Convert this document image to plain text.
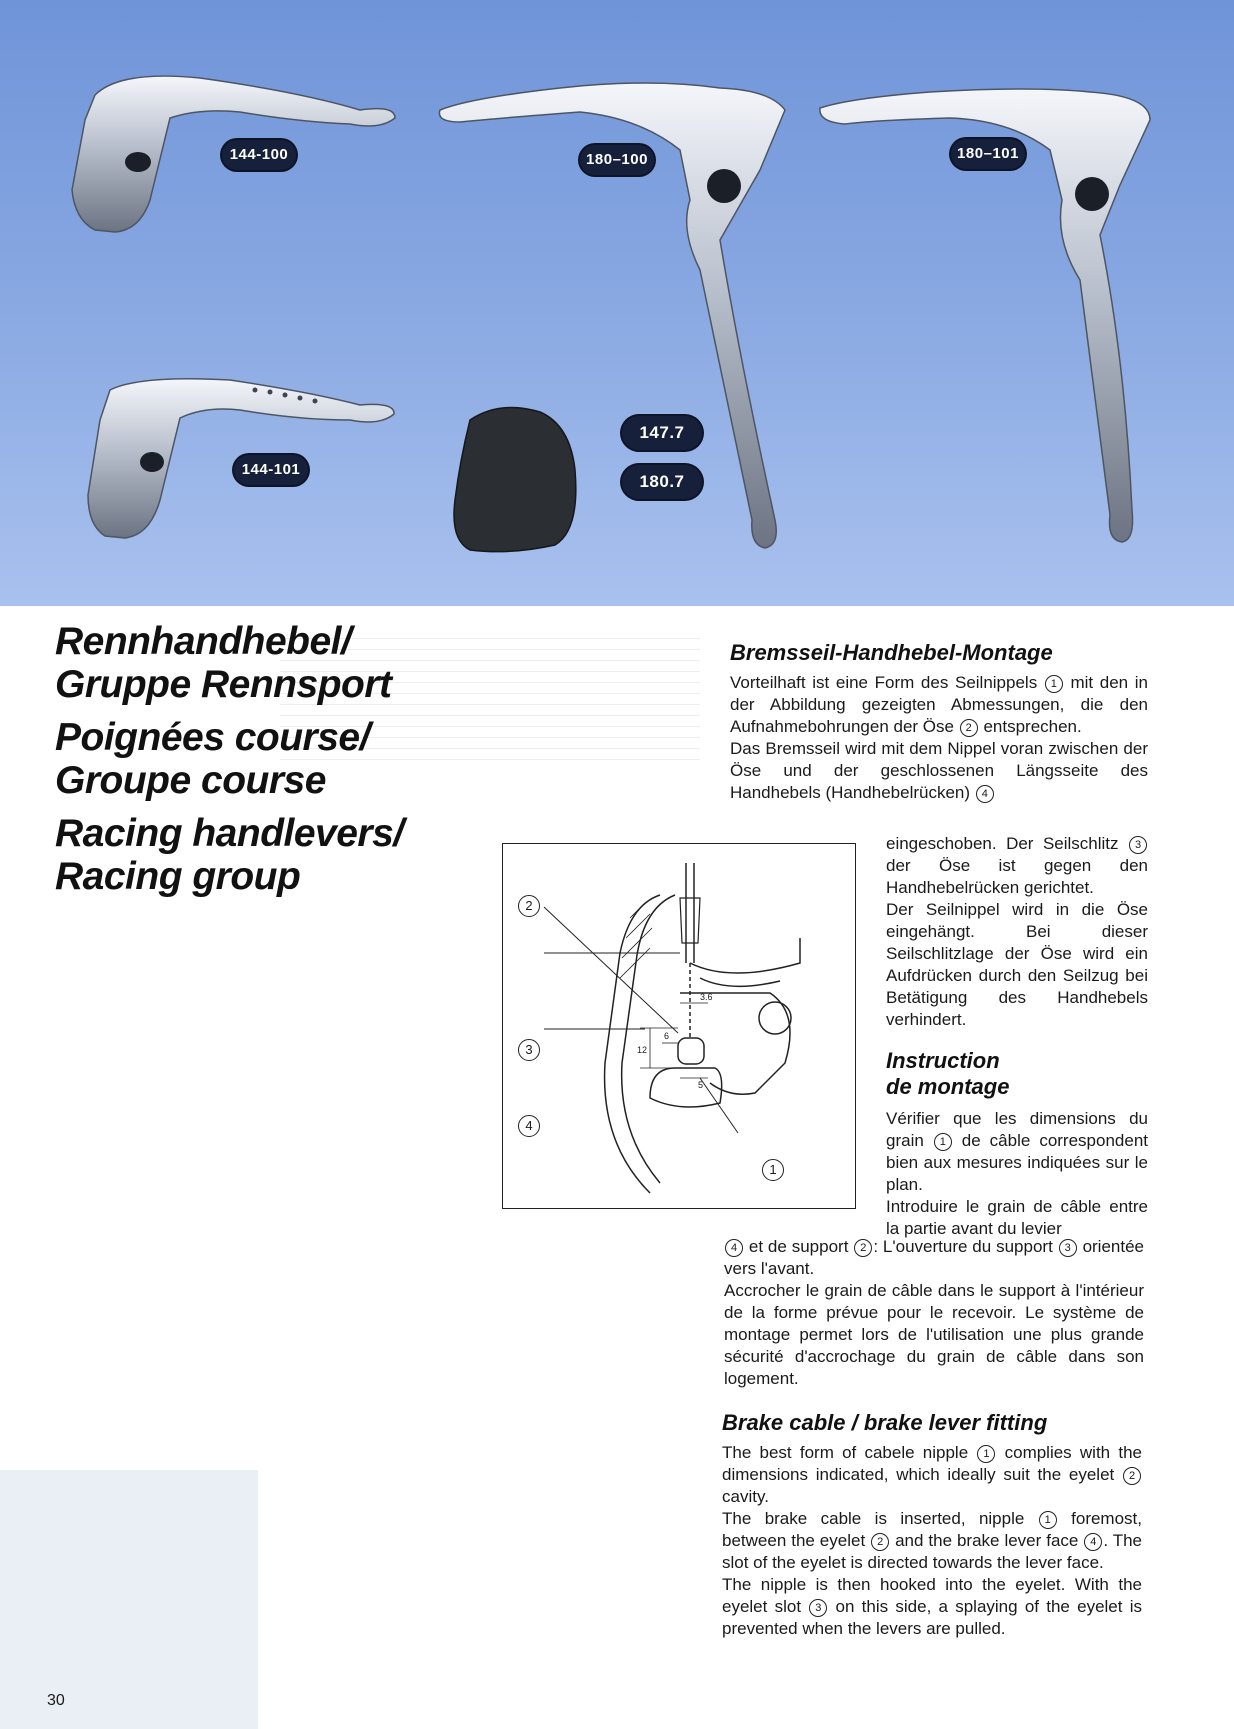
144-100	180–100	180–101
144-101
147.7
180.7

Rennhandhebel/

Gruppe Rennsport

Poignées course/

Groupe course

Racing handlevers/

Racing group

Bremsseil-Handhebel-Montage

Vorteilhaft ist eine Form des Seilnippels 1 mit den in der Abbildung gezeigten Abmessungen, die den Aufnahmebohrungen der Öse 2 entsprechen.

Das Bremsseil wird mit dem Nippel voran zwischen der Öse und der geschlossenen Längsseite des Handhebels (Handhebelrücken) 4

eingeschoben. Der Seilschlitz 3 der Öse ist gegen den Handhebelrücken gerichtet.

Der Seilnippel wird in die Öse eingehängt. Bei dieser Seilschlitzlage der Öse wird ein Aufdrücken durch den Seilzug bei Betätigung des Handhebels verhindert.

Instruction

de montage

Vérifier que les dimensions du grain 1 de câble correspondent bien aux mesures indiquées sur le plan.

Introduire le grain de câble entre la partie avant du levier

4 et de support 2 : L'ouverture du support 3 orientée vers l'avant.

Accrocher le grain de câble dans le support à l'intérieur de la forme prévue pour le recevoir. Le système de montage permet lors de l'utilisation une plus grande sécurité d'accrochage du grain de câble dans son logement.

Brake cable / brake lever fitting

The best form of cabele nipple 1 complies with the dimensions indicated, which ideally suit the eyelet 2 cavity.

The brake cable is inserted, nipple 1 foremost, between the eyelet 2 and the brake lever face 4 . The slot of the eyelet is directed towards the lever face.

The nipple is then hooked into the eyelet. With the eyelet slot 3 on this side, a splaying of the eyelet is prevented when the levers are pulled.

3.6
6
12
5
2
3
4
1
30
